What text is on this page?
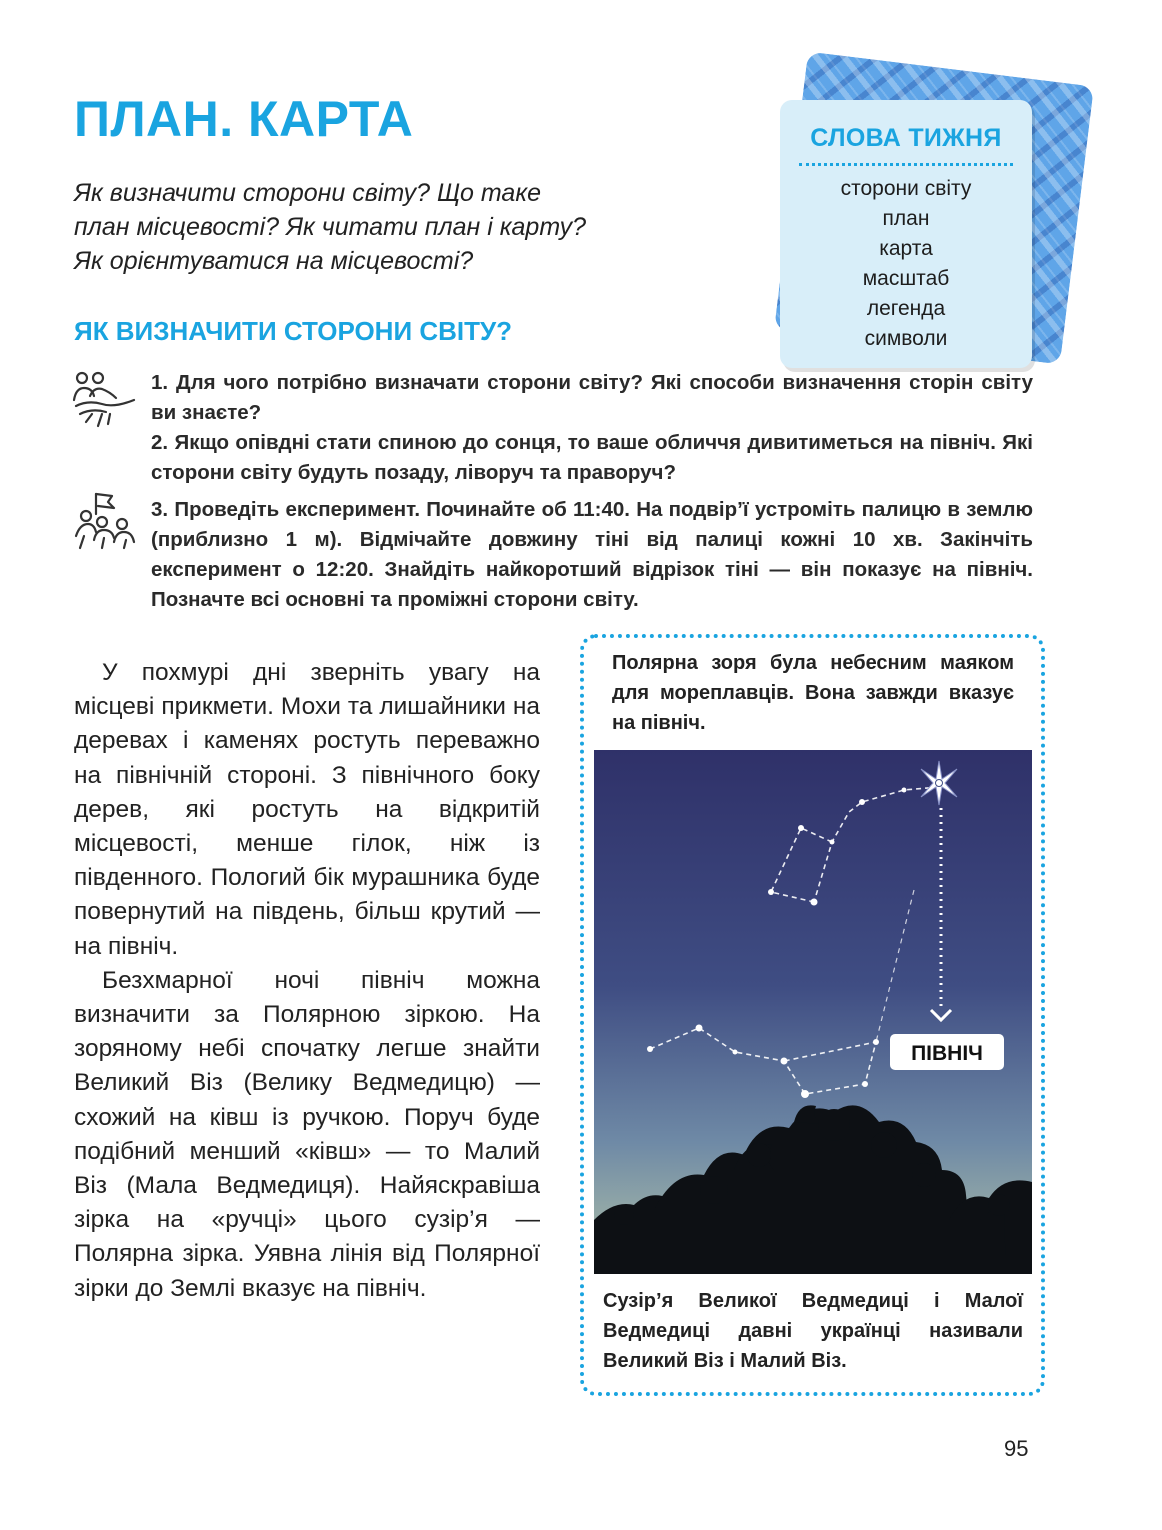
ПЛАН. КАРТА
Як визначити сторони світу? Що таке
план місцевості? Як читати план і карту?
Як орієнтуватися на місцевості?
ЯК ВИЗНАЧИТИ СТОРОНИ СВІТУ?
СЛОВА ТИЖНЯ
сторони світу
план
карта
масштаб
легенда
символи
1. Для чого потрібно визначати сторони світу? Які способи визначення сторін світу ви знаєте?
2. Якщо опівдні стати спиною до сонця, то ваше обличчя дивитиметься на північ. Які сторони світу будуть позаду, ліворуч та праворуч?
3. Проведіть експеримент. Починайте об 11:40. На подвір’ї устроміть палицю в землю (приблизно 1 м). Відмічайте довжину тіні від палиці кожні 10 хв. Закінчіть експеримент о 12:20. Знайдіть найкоротший відрізок тіні — він показує на північ. Позначте всі основні та проміжні сторони світу.

У похмурі дні зверніть увагу на місцеві прикмети. Мохи та лишайники на деревах і каменях ростуть переважно на північній стороні. З північного боку дерев, які ростуть на відкритій місцевості, менше гілок, ніж із південного. Пологий бік мурашника буде повернутий на південь, більш крутий — на північ.

Безхмарної ночі північ можна визначити за Полярною зіркою. На зоряному небі спочатку легше знайти Великий Віз (Велику Ведмедицю) — схожий на ківш із ручкою. Поруч буде подібний менший «ківш» — то Малий Віз (Мала Ведмедиця). Найяскравіша зірка на «ручці» цього сузір’я — Полярна зірка. Уявна лінія від Полярної зірки до Землі вказує на північ.

Полярна зоря була небесним маяком для мореплавців. Вона завжди вказує на північ.
ПІВНІЧ
Сузір’я Великої Ведмедиці і Малої Ведмедиці давні українці називали Великий Віз і Малий Віз.
95
